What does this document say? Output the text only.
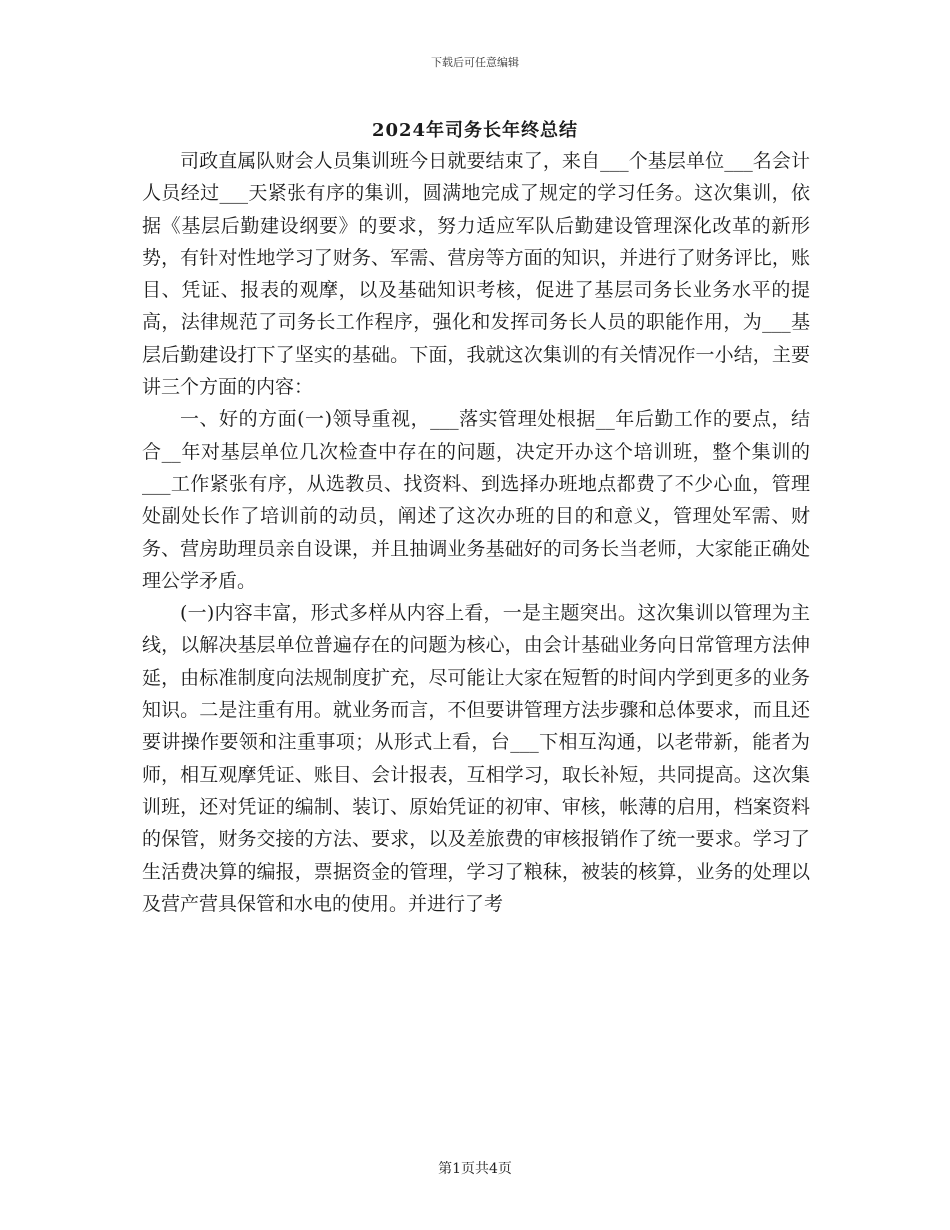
下载后可任意编辑
2024年司务长年终总结

司政直属队财会人员集训班今日就要结束了，来自___个基层单位___名会计人员经过___天紧张有序的集训，圆满地完成了规定的学习任务。这次集训，依据《基层后勤建设纲要》的要求，努力适应军队后勤建设管理深化改革的新形势，有针对性地学习了财务、军需、营房等方面的知识，并进行了财务评比，账目、凭证、报表的观摩，以及基础知识考核，促进了基层司务长业务水平的提高，法律规范了司务长工作程序，强化和发挥司务长人员的职能作用，为___基层后勤建设打下了坚实的基础。下面，我就这次集训的有关情况作一小结，主要讲三个方面的内容：

一、好的方面(一)领导重视，___落实管理处根据__年后勤工作的要点，结合__年对基层单位几次检查中存在的问题，决定开办这个培训班，整个集训的___工作紧张有序，从选教员、找资料、到选择办班地点都费了不少心血，管理处副处长作了培训前的动员，阐述了这次办班的目的和意义，管理处军需、财务、营房助理员亲自设课，并且抽调业务基础好的司务长当老师，大家能正确处理公学矛盾。

(一)内容丰富，形式多样从内容上看，一是主题突出。这次集训以管理为主线，以解决基层单位普遍存在的问题为核心，由会计基础业务向日常管理方法伸延，由标准制度向法规制度扩充，尽可能让大家在短暂的时间内学到更多的业务知识。二是注重有用。就业务而言，不但要讲管理方法步骤和总体要求，而且还要讲操作要领和注重事项；从形式上看，台___下相互沟通，以老带新，能者为师，相互观摩凭证、账目、会计报表，互相学习，取长补短，共同提高。这次集训班，还对凭证的编制、装订、原始凭证的初审、审核，帐薄的启用，档案资料的保管，财务交接的方法、要求，以及差旅费的审核报销作了统一要求。学习了生活费决算的编报，票据资金的管理，学习了粮秣，被装的核算，业务的处理以及营产营具保管和水电的使用。并进行了考

第1页共4页
